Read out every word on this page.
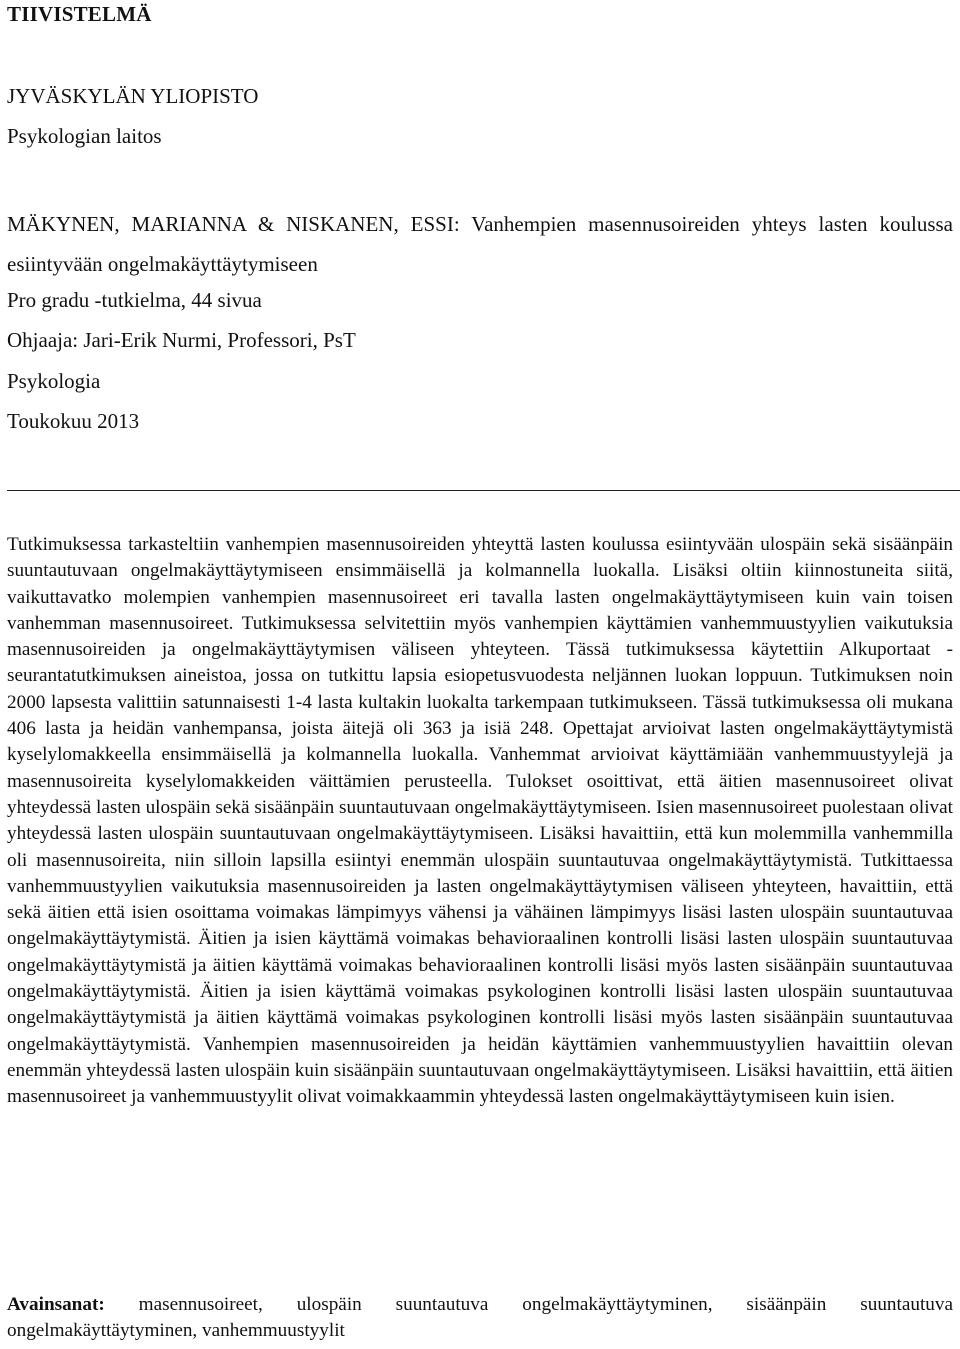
TIIVISTELMÄ

JYVÄSKYLÄN YLIOPISTO

Psykologian laitos

MÄKYNEN, MARIANNA & NISKANEN, ESSI: Vanhempien masennusoireiden yhteys lasten koulussa esiintyvään ongelmakäyttäytymiseen

Pro gradu -tutkielma, 44 sivua

Ohjaaja: Jari-Erik Nurmi, Professori, PsT

Psykologia

Toukokuu 2013

Tutkimuksessa tarkasteltiin vanhempien masennusoireiden yhteyttä lasten koulussa esiintyvään ulospäin sekä sisäänpäin suuntautuvaan ongelmakäyttäytymiseen ensimmäisellä ja kolmannella luokalla. Lisäksi oltiin kiinnostuneita siitä, vaikuttavatko molempien vanhempien masennusoireet eri tavalla lasten ongelmakäyttäytymiseen kuin vain toisen vanhemman masennusoireet. Tutkimuksessa selvitettiin myös vanhempien käyttämien vanhemmuustyylien vaikutuksia masennusoireiden ja ongelmakäyttäytymisen väliseen yhteyteen. Tässä tutkimuksessa käytettiin Alkuportaat - seurantatutkimuksen aineistoa, jossa on tutkittu lapsia esiopetusvuodesta neljännen luokan loppuun. Tutkimuksen noin 2000 lapsesta valittiin satunnaisesti 1-4 lasta kultakin luokalta tarkempaan tutkimukseen. Tässä tutkimuksessa oli mukana 406 lasta ja heidän vanhempansa, joista äitejä oli 363 ja isiä 248. Opettajat arvioivat lasten ongelmakäyttäytymistä kyselylomakkeella ensimmäisellä ja kolmannella luokalla. Vanhemmat arvioivat käyttämiään vanhemmuustyylejä ja masennusoireita kyselylomakkeiden väittämien perusteella. Tulokset osoittivat, että äitien masennusoireet olivat yhteydessä lasten ulospäin sekä sisäänpäin suuntautuvaan ongelmakäyttäytymiseen. Isien masennusoireet puolestaan olivat yhteydessä lasten ulospäin suuntautuvaan ongelmakäyttäytymiseen. Lisäksi havaittiin, että kun molemmilla vanhemmilla oli masennusoireita, niin silloin lapsilla esiintyi enemmän ulospäin suuntautuvaa ongelmakäyttäytymistä. Tutkittaessa vanhemmuustyylien vaikutuksia masennusoireiden ja lasten ongelmakäyttäytymisen väliseen yhteyteen, havaittiin, että sekä äitien että isien osoittama voimakas lämpimyys vähensi ja vähäinen lämpimyys lisäsi lasten ulospäin suuntautuvaa ongelmakäyttäytymistä. Äitien ja isien käyttämä voimakas behavioraalinen kontrolli lisäsi lasten ulospäin suuntautuvaa ongelmakäyttäytymistä ja äitien käyttämä voimakas behavioraalinen kontrolli lisäsi myös lasten sisäänpäin suuntautuvaa ongelmakäyttäytymistä. Äitien ja isien käyttämä voimakas psykologinen kontrolli lisäsi lasten ulospäin suuntautuvaa ongelmakäyttäytymistä ja äitien käyttämä voimakas psykologinen kontrolli lisäsi myös lasten sisäänpäin suuntautuvaa ongelmakäyttäytymistä. Vanhempien masennusoireiden ja heidän käyttämien vanhemmuustyylien havaittiin olevan enemmän yhteydessä lasten ulospäin kuin sisäänpäin suuntautuvaan ongelmakäyttäytymiseen. Lisäksi havaittiin, että äitien masennusoireet ja vanhemmuustyylit olivat voimakkaammin yhteydessä lasten ongelmakäyttäytymiseen kuin isien.

Avainsanat: masennusoireet, ulospäin suuntautuva ongelmakäyttäytyminen, sisäänpäin suuntautuva ongelmakäyttäytyminen, vanhemmuustyylit
